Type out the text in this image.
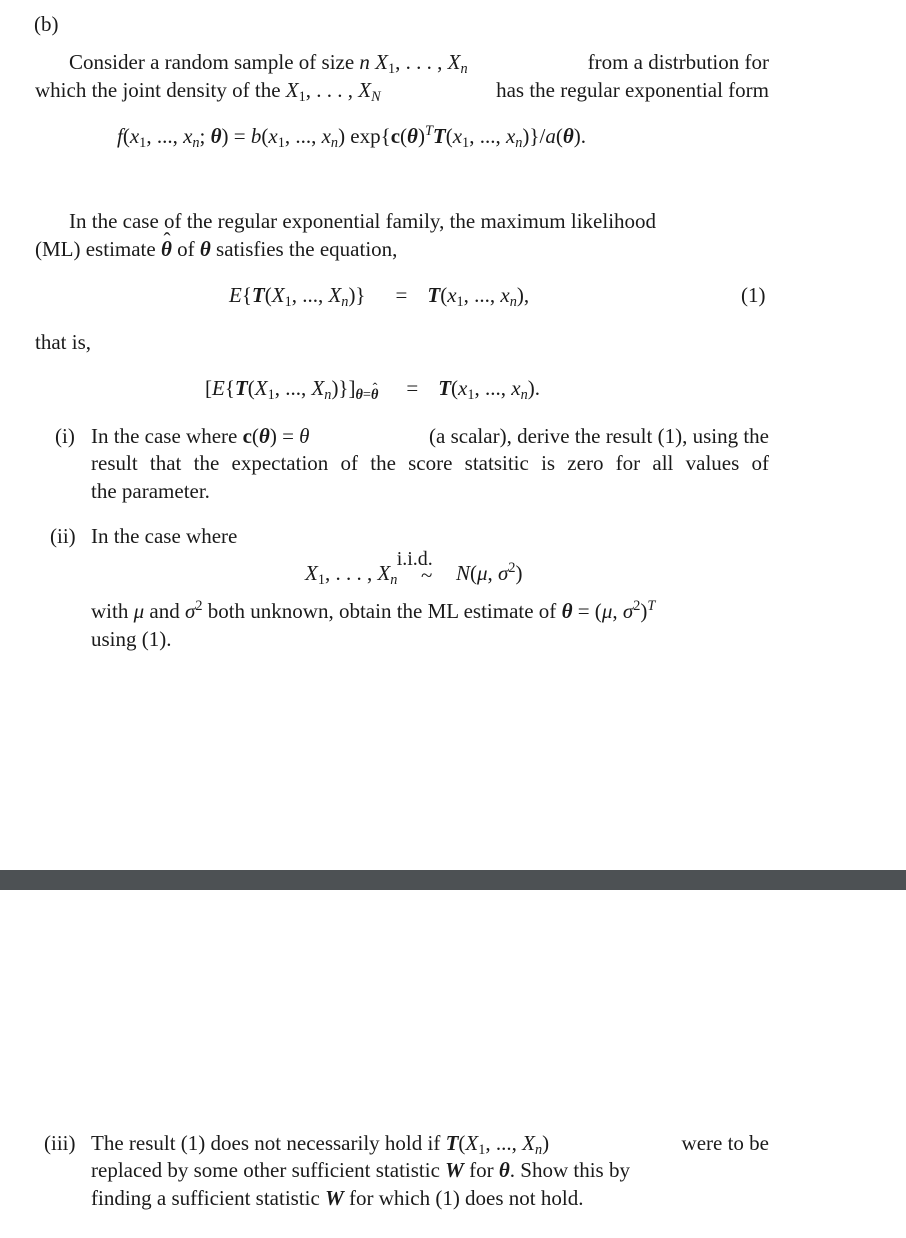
(b)
Consider a random sample of size n $X_1$, . . . , $X_n$	from a distrbution for
which the joint density of the $X_1$, . . . , $X_N$	has the regular exponential form
$f(x_1$, ..., $x_n$; $\theta) = b(x_1$, ..., $x_n$) $\exp\{c(\theta)^TT(x_1$, ..., $x_n)\}/a(\theta)$.
In the case of the regular exponential family, the maximum likelihood
(ML) estimate θ ˆ of θ satisfies the equation,
$E\{T(X_1$, ..., $X_n)\} = T(x_1$, ..., $x_n$),	(1)
that is,
[$E\{T(X_1$, ..., $X_n)\}]_{\theta=\theta} = T(x_1$, ..., $x_n$).
(i) In the case where c(θ) = θ	(a scalar), derive the result (1), using the
result that the expectation of the score statsitic is zero for all values of
the parameter.
(ii) In the case where
$X_1$, . . . , $X_n$
i.i.d.
~ N(μ, $\sigma^2$)
with μ and $\sigma^2$ both unknown, obtain the ML estimate of θ = (μ, $\sigma^2)^T$
using (1).
(iii) The result (1) does not necessarily hold if $T(X_1$, ..., $X_n$)	were to be
replaced by some other sufficient statistic W for θ. Show this by
finding a sufficient statistic W for which (1) does not hold.
